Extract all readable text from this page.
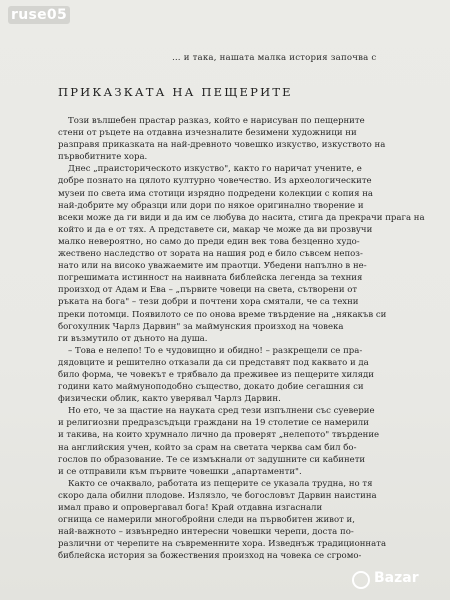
ruse05
… и така, нашата малка история започва с
ПРИКАЗКАТА НА ПЕЩЕРИТЕ
Този вълшебен прастар разказ, който е нарисуван по пещерните
стени от ръцете на отдавна изчезналите безимени художници ни
разправя приказката на най-древното човешко изкуство, изкуството на
първобитните хора.
Днес „праисторическото изкуство", както го наричат учените, е
добре познато на цялото културно човечество. Из археологическите
музеи по света има стотици изрядно подредени колекции с копия на
най-добрите му образци или дори по някое оригинално творение и
всеки може да ги види и да им се любува до насита, стига да прекрачи прага на
който и да е от тях. А представете си, макар че може да ви прозвучи
малко невероятно, но само до преди един век това безценно худо-
жествено наследство от зората на нашия род е било съвсем непоз-
нато или на високо уважаемите им праотци. Убедени напълно в не-
погрешимата истинност на наивната библейска легенда за техния
произход от Адам и Ева – „първите човеци на света, сътворени от
ръката на бога" – тези добри и почтени хора смятали, че са техни
преки потомци. Появилото се по онова време твърдение на „някакъв си
богохулник Чарлз Дарвин" за маймунския произход на човека
ги възмутило от дъното на душа.
– Това е нелепо! То е чудовищно и обидно! – разкрещели се пра-
дядовците и решително отказали да си представят под каквато и да
било форма, че човекът е трябвало да преживее из пещерите хиляди
години като маймуноподобно същество, докато добие сегашния си
физически облик, както уверявал Чарлз Дарвин.
Но ето, че за щастие на науката сред тези изпълнени със суеверие
и религиозни предразсъдъци граждани на 19 столетие се намерили
и такива, на които хрумнало лично да проверят „нелепото" твърдение
на английския учен, който за срам на светата черква сам бил бо-
гослов по образование. Те се измъкнали от задушните си кабинети
и се отправили към първите човешки „апартаменти".
Както се очаквало, работата из пещерите се указала трудна, но тя
скоро дала обилни плодове. Излязло, че богословът Дарвин наистина
имал право и опровергавал бога! Край отдавна изгаснали
огнища се намерили многобройни следи на първобитен живот и,
най-важното – извънредно интересни човешки черепи, доста по-
различни от черепите на съвременните хора. Изведнъж традиционната
библейска история за божествения произход на човека се сгромо-
Bazar
